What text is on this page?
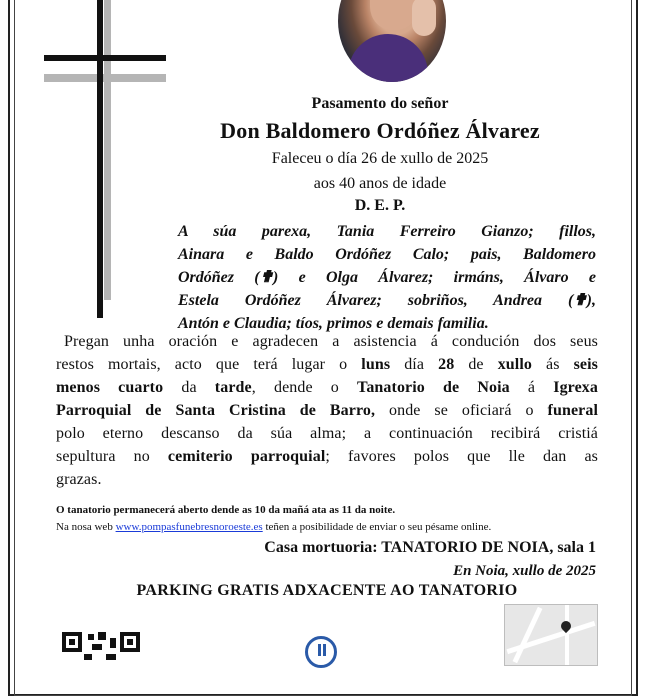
Pasamento do señor
Don Baldomero Ordóñez Álvarez
Faleceu o día 26 de xullo de 2025
aos 40 anos de idade
D. E. P.
A súa parexa, Tania Ferreiro Gianzo; fillos,
Ainara e Baldo Ordóñez Calo; pais, Baldomero
Ordóñez (✟) e Olga Álvarez; irmáns, Álvaro e
Estela Ordóñez Álvarez; sobriños, Andrea (✟),
Antón e Claudia; tíos, primos e demais familia.
Pregan unha oración e agradecen a asistencia á condución dos seus
restos mortais, acto que terá lugar o luns día 28 de xullo ás seis
menos cuarto da tarde, dende o Tanatorio de Noia á Igrexa
Parroquial de Santa Cristina de Barro, onde se oficiará o funeral
polo eterno descanso da súa alma; a continuación recibirá cristiá
sepultura no cemiterio parroquial; favores polos que lle dan as
grazas.
O tanatorio permanecerá aberto dende as 10 da mañá ata as 11 da noite.
Na nosa web www.pompasfunebresnoroeste.es teñen a posibilidade de enviar o seu pésame online.
Casa mortuoria: TANATORIO DE NOIA, sala 1
En Noia, xullo de 2025
PARKING GRATIS ADXACENTE AO TANATORIO
